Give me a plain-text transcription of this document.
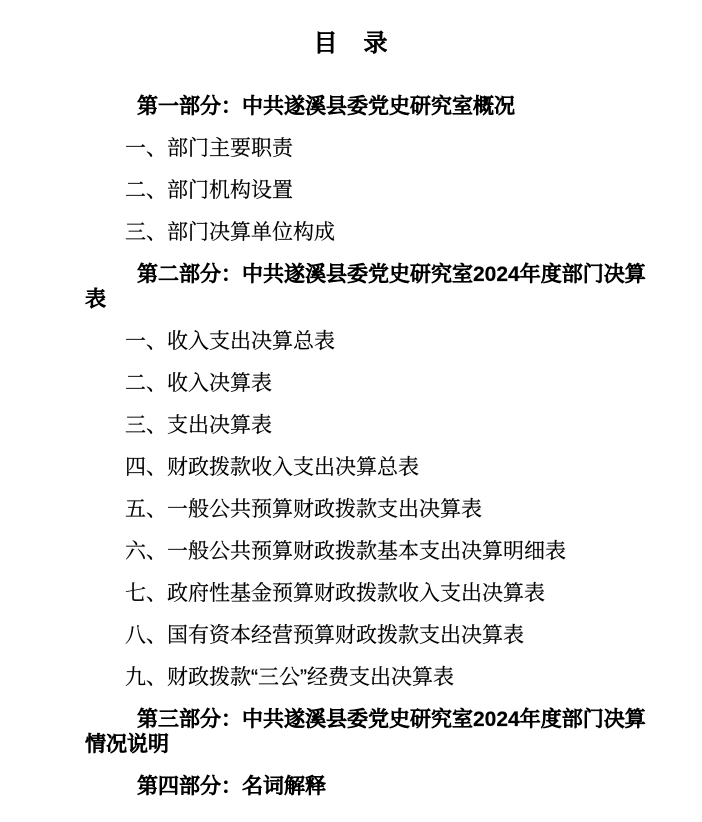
目　录

第一部分：中共遂溪县委党史研究室概况

一、部门主要职责

二、部门机构设置

三、部门决算单位构成

第二部分：中共遂溪县委党史研究室2024年度部门决算
表

一、收入支出决算总表

二、收入决算表

三、支出决算表

四、财政拨款收入支出决算总表

五、一般公共预算财政拨款支出决算表

六、一般公共预算财政拨款基本支出决算明细表

七、政府性基金预算财政拨款收入支出决算表

八、国有资本经营预算财政拨款支出决算表

九、财政拨款“三公”经费支出决算表

第三部分：中共遂溪县委党史研究室2024年度部门决算
情况说明

第四部分：名词解释
